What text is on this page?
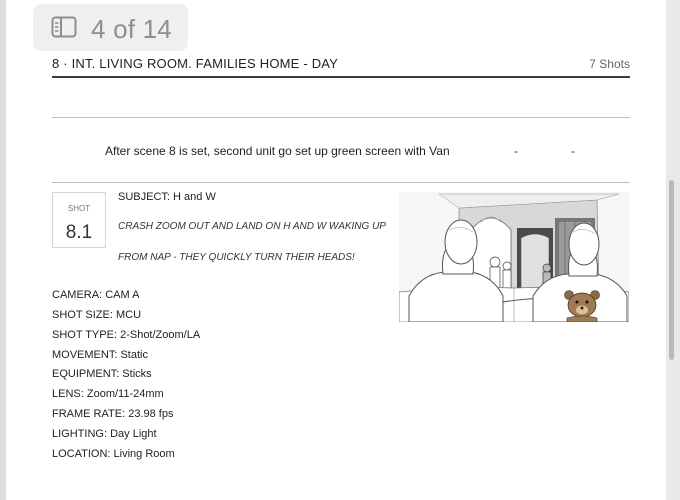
4 of 14
8 · INT. LIVING ROOM. FAMILIES HOME - DAY	7 Shots
After scene 8 is set, second unit go set up green screen with Van	-	-
SHOT
8.1
SUBJECT: H and W
CRASH ZOOM OUT AND LAND ON H AND W WAKING UP
FROM NAP - THEY QUICKLY TURN THEIR HEADS!
CAMERA: CAM A
SHOT SIZE: MCU
SHOT TYPE: 2-Shot/Zoom/LA
MOVEMENT: Static
EQUIPMENT: Sticks
LENS: Zoom/11-24mm
FRAME RATE: 23.98 fps
LIGHTING: Day Light
LOCATION: Living Room
